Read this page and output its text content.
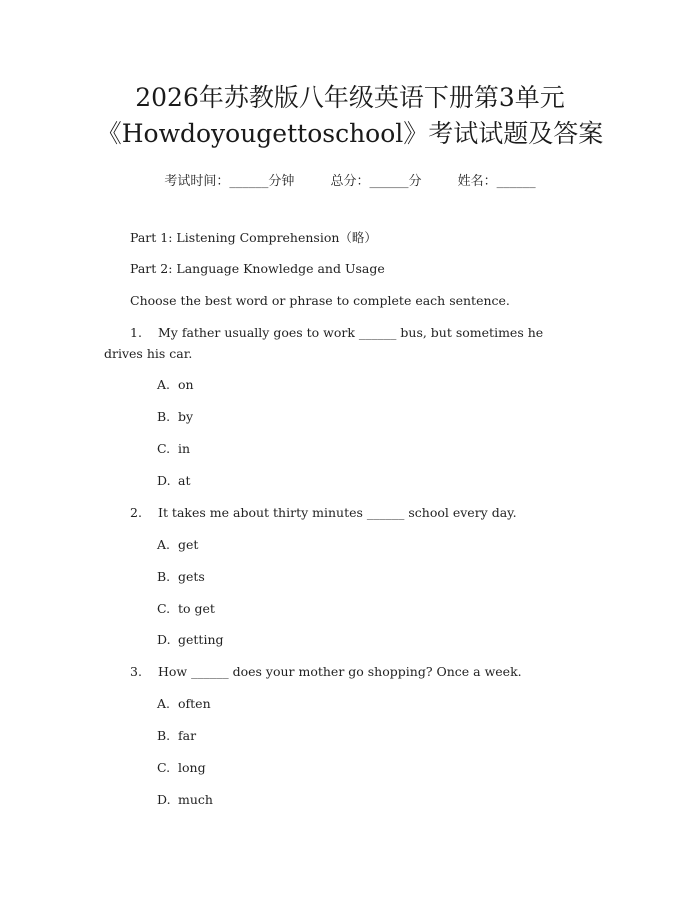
2026年苏教版八年级英语下册第3单元
《Howdoyougettoschool》考试试题及答案
考试时间：______分钟	总分：______分	姓名：______
Part 1: Listening Comprehension（略）
Part 2: Language Knowledge and Usage
Choose the best word or phrase to complete each sentence.
1. My father usually goes to work ______ bus, but sometimes he
drives his car.
A. on
B. by
C. in
D. at
2. It takes me about thirty minutes ______ school every day.
A. get
B. gets
C. to get
D. getting
3. How ______ does your mother go shopping? Once a week.
A. often
B. far
C. long
D. much
